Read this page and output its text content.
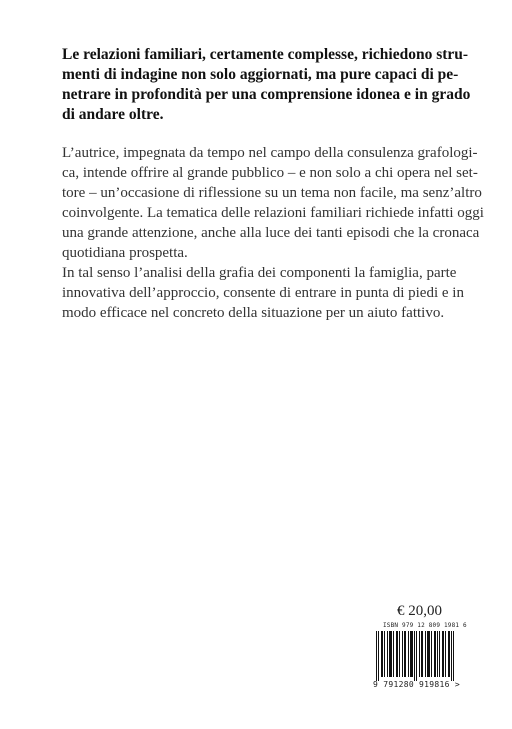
Le relazioni familiari, certamente complesse, richiedono stru-
menti di indagine non solo aggiornati, ma pure capaci di pe-
netrare in profondità per una comprensione idonea e in grado
di andare oltre.
L’autrice, impegnata da tempo nel campo della consulenza grafologi-
ca, intende offrire al grande pubblico – e non solo a chi opera nel set-
tore – un’occasione di riflessione su un tema non facile, ma senz’altro
coinvolgente. La tematica delle relazioni familiari richiede infatti oggi
una grande attenzione, anche alla luce dei tanti episodi che la cronaca
quotidiana prospetta.
In tal senso l’analisi della grafia dei componenti la famiglia, parte
innovativa dell’approccio, consente di entrare in punta di piedi e in
modo efficace nel concreto della situazione per un aiuto fattivo.
€ 20,00
ISBN 979 12 809 1981 6
9 791280 919816 >
